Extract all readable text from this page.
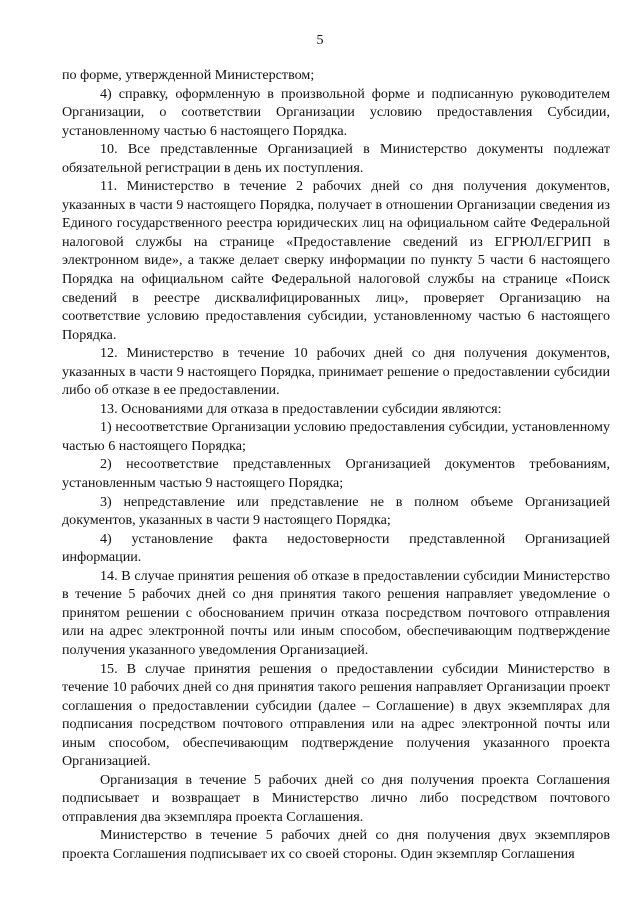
5

по форме, утвержденной Министерством;

4) справку, оформленную в произвольной форме и подписанную руководителем Организации, о соответствии Организации условию предоставления Субсидии, установленному частью 6 настоящего Порядка.

10. Все представленные Организацией в Министерство документы подлежат обязательной регистрации в день их поступления.

11. Министерство в течение 2 рабочих дней со дня получения документов, указанных в части 9 настоящего Порядка, получает в отношении Организации сведения из Единого государственного реестра юридических лиц на официальном сайте Федеральной налоговой службы на странице «Предоставление сведений из ЕГРЮЛ/ЕГРИП в электронном виде», а также делает сверку информации по пункту 5 части 6 настоящего Порядка на официальном сайте Федеральной налоговой службы на странице «Поиск сведений в реестре дисквалифицированных лиц», проверяет Организацию на соответствие условию предоставления субсидии, установленному частью 6 настоящего Порядка.

12. Министерство в течение 10 рабочих дней со дня получения документов, указанных в части 9 настоящего Порядка, принимает решение о предоставлении субсидии либо об отказе в ее предоставлении.

13. Основаниями для отказа в предоставлении субсидии являются:

1) несоответствие Организации условию предоставления субсидии, установленному частью 6 настоящего Порядка;

2) несоответствие представленных Организацией документов требованиям, установленным частью 9 настоящего Порядка;

3) непредставление или представление не в полном объеме Организацией документов, указанных в части 9 настоящего Порядка;

4) установление факта недостоверности представленной Организацией информации.

14. В случае принятия решения об отказе в предоставлении субсидии Министерство в течение 5 рабочих дней со дня принятия такого решения направляет уведомление о принятом решении с обоснованием причин отказа посредством почтового отправления или на адрес электронной почты или иным способом, обеспечивающим подтверждение получения указанного уведомления Организацией.

15. В случае принятия решения о предоставлении субсидии Министерство в течение 10 рабочих дней со дня принятия такого решения направляет Организации проект соглашения о предоставлении субсидии (далее – Соглашение) в двух экземплярах для подписания посредством почтового отправления или на адрес электронной почты или иным способом, обеспечивающим подтверждение получения указанного проекта Организацией.

Организация в течение 5 рабочих дней со дня получения проекта Соглашения подписывает и возвращает в Министерство лично либо посредством почтового отправления два экземпляра проекта Соглашения.

Министерство в течение 5 рабочих дней со дня получения двух экземпляров проекта Соглашения подписывает их со своей стороны. Один экземпляр Соглашения
